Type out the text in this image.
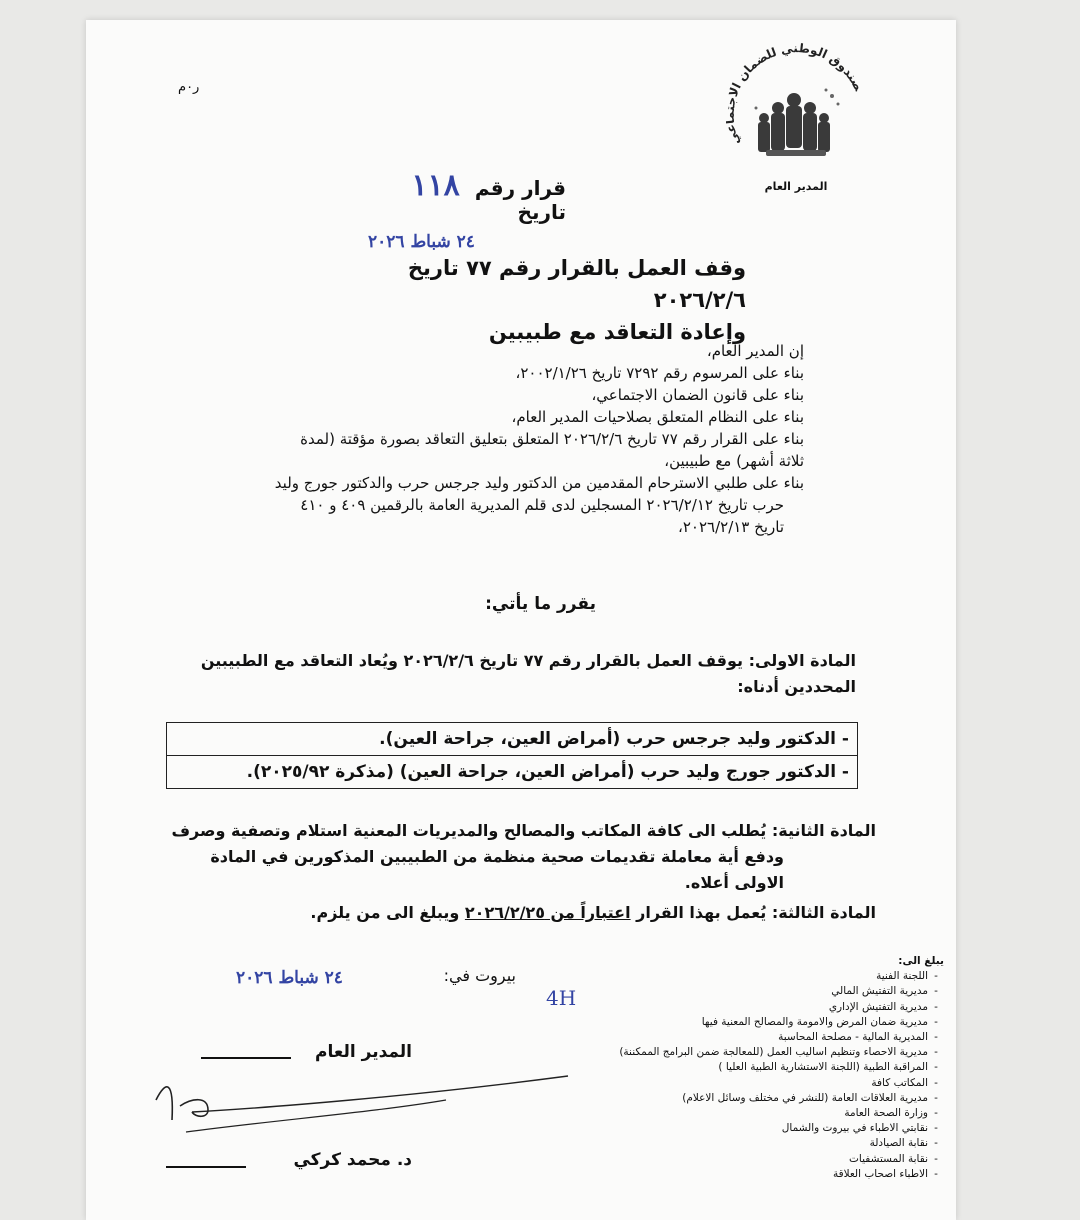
ر٠م	صندوق الوطني للضمان الاجتماعي
المدير العام
قرار رقم ١١٨
تاريخ
٢٤ شباط ٢٠٢٦
وقف العمل بالقرار رقم ٧٧ تاريخ ٢٠٢٦/٢/٦
وإعادة التعاقد مع طبيبين
إن المدير العام،
بناء على المرسوم رقم ٧٢٩٢ تاريخ ٢٠٠٢/١/٢٦،
بناء على قانون الضمان الاجتماعي،
بناء على النظام المتعلق بصلاحيات المدير العام،
بناء على القرار رقم ٧٧ تاريخ ٢٠٢٦/٢/٦ المتعلق بتعليق التعاقد بصورة مؤقتة (لمدة
ثلاثة أشهر) مع طبيبين،
بناء على طلبي الاسترحام المقدمين من الدكتور وليد جرجس حرب والدكتور جورج وليد
حرب تاريخ ٢٠٢٦/٢/١٢ المسجلين لدى قلم المديرية العامة بالرقمين ٤٠٩ و ٤١٠
تاريخ ٢٠٢٦/٢/١٣،
يقرر ما يأتي:
المادة الاولى: يوقف العمل بالقرار رقم ٧٧ تاريخ ٢٠٢٦/٢/٦ ويُعاد التعاقد مع الطبيبين
المحددين أدناه:
- الدكتور وليد جرجس حرب (أمراض العين، جراحة العين).
- الدكتور جورج وليد حرب (أمراض العين، جراحة العين) (مذكرة ٢٠٢٥/٩٢).
المادة الثانية: يُطلب الى كافة المكاتب والمصالح والمديريات المعنية استلام وتصفية وصرف
ودفع أية معاملة تقديمات صحية منظمة من الطبيبين المذكورين في المادة
الاولى أعلاه.
المادة الثالثة: يُعمل بهذا القرار اعتباراً من ٢٠٢٦/٢/٢٥ ويبلغ الى من يلزم.
بيروت في:
٢٤ شباط ٢٠٢٦
4H
المدير العام
د. محمد كركي
يبلغ الى:
-اللجنة الفنية
-مديرية التفتيش المالي
-مديرية التفتيش الإداري
-مديرية ضمان المرض والامومة والمصالح المعنية فيها
-المديرية المالية - مصلحة المحاسبة
-مديرية الاحصاء وتنظيم اساليب العمل (للمعالجة ضمن البرامج الممكننة)
-المراقبة الطبية (اللجنة الاستشارية الطبية العليا )
-المكاتب كافة
-مديرية العلاقات العامة (للنشر في مختلف وسائل الاعلام)
-وزارة الصحة العامة
-نقابتي الاطباء في بيروت والشمال
-نقابة الصيادلة
-نقابة المستشفيات
-الاطباء اصحاب العلاقة
